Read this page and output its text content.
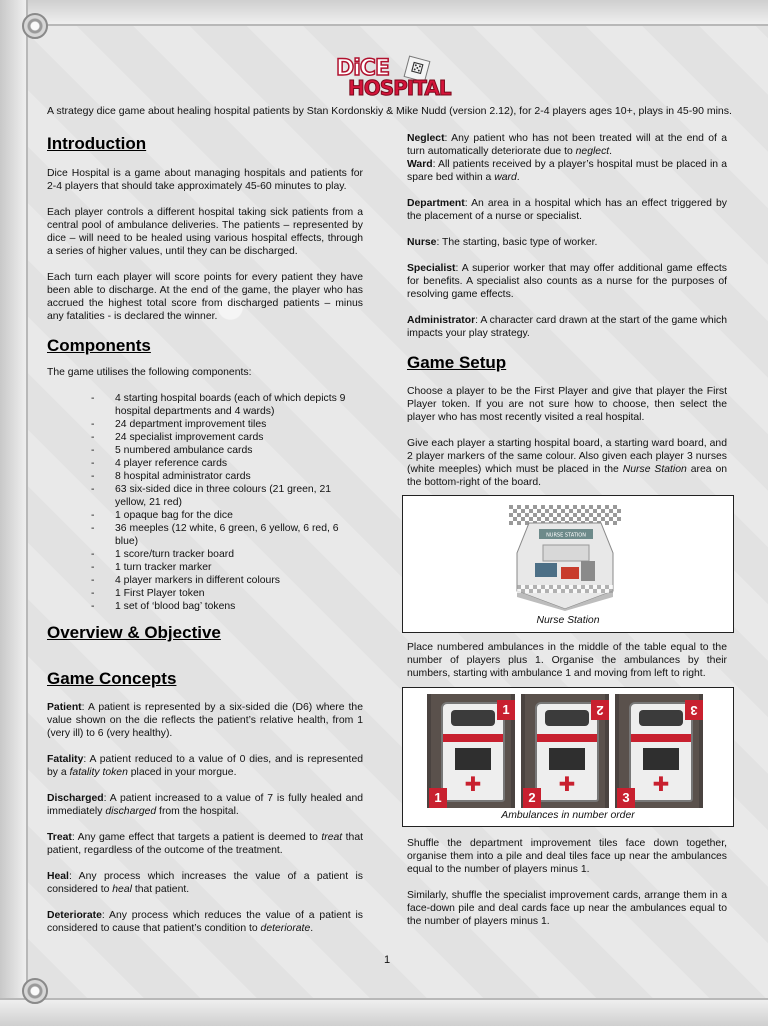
DiCE	⚄
HOSPITAL
A strategy dice game about healing hospital patients by Stan Kordonskiy & Mike Nudd (version 2.12), for 2-4 players ages 10+, plays in 45-90 mins.
Introduction

Dice Hospital is a game about managing hospitals and patients for 2-4 players that should take approximately 45-60 minutes to play.

Each player controls a different hospital taking sick patients from a central pool of ambulance deliveries. The patients – represented by dice – will need to be healed using various hospital effects, through a series of higher values, until they can be discharged.

Each turn each player will score points for every patient they have been able to discharge. At the end of the game, the player who has accrued the highest total score from discharged patients – minus any fatalities - is declared the winner.

Components

The game utilises the following components:

- 4 starting hospital boards (each of which depicts 9 hospital departments and 4 wards)
- 24 department improvement tiles
- 24 specialist improvement cards
- 5 numbered ambulance cards
- 4 player reference cards
- 8 hospital administrator cards
- 63 six-sided dice in three colours (21 green, 21 yellow, 21 red)
- 1 opaque bag for the dice
- 36 meeples (12 white, 6 green, 6 yellow, 6 red, 6 blue)
- 1 score/turn tracker board
- 1 turn tracker marker
- 4 player markers in different colours
- 1 First Player token
- 1 set of ‘blood bag’ tokens
Overview & Objective
Game Concepts

Patient: A patient is represented by a six-sided die (D6) where the value shown on the die reflects the patient’s relative health, from 1 (very ill) to 6 (very healthy).

Fatality: A patient reduced to a value of 0 dies, and is represented by a fatality token placed in your morgue.

Discharged: A patient increased to a value of 7 is fully healed and immediately discharged from the hospital.

Treat: Any game effect that targets a patient is deemed to treat that patient, regardless of the outcome of the treatment.

Heal: Any process which increases the value of a patient is considered to heal that patient.

Deteriorate: Any process which reduces the value of a patient is considered to cause that patient’s condition to deteriorate.

Neglect: Any patient who has not been treated will at the end of a turn automatically deteriorate due to neglect.

Ward: All patients received by a player’s hospital must be placed in a spare bed within a ward.

Department: An area in a hospital which has an effect triggered by the placement of a nurse or specialist.

Nurse: The starting, basic type of worker.

Specialist: A superior worker that may offer additional game effects for benefits. A specialist also counts as a nurse for the purposes of resolving game effects.

Administrator: A character card drawn at the start of the game which impacts your play strategy.

Game Setup

Choose a player to be the First Player and give that player the First Player token. If you are not sure how to choose, then select the player who has most recently visited a real hospital.

Give each player a starting hospital board, a starting ward board, and 2 player markers of the same colour. Also given each player 3 nurses (white meeples) which must be placed in the Nurse Station area on the bottom-right of the board.

NURSE STATION
Nurse Station

Place numbered ambulances in the middle of the table equal to the number of players plus 1. Organise the ambulances by their numbers, starting with ambulance 1 and moving from left to right.

✚
1
1
✚
2
2
✚
3
3
Ambulances in number order

Shuffle the department improvement tiles face down together, organise them into a pile and deal tiles face up near the ambulances equal to the number of players minus 1.

Similarly, shuffle the specialist improvement cards, arrange them in a face-down pile and deal cards face up near the ambulances equal to the number of players minus 1.

1
